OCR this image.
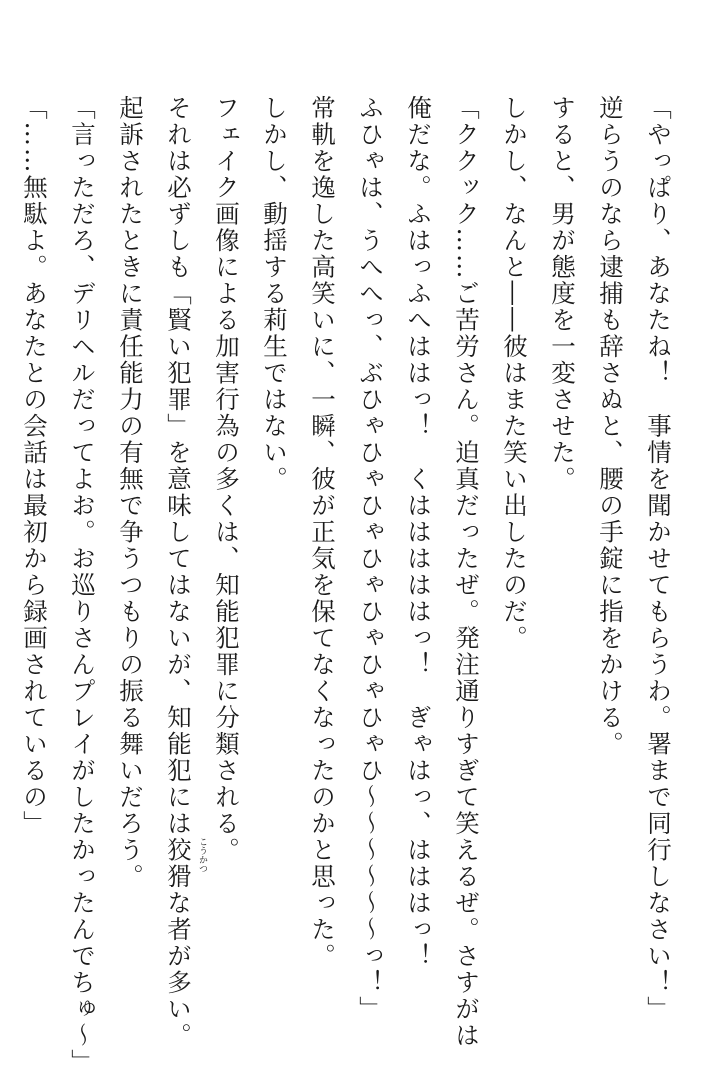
「やっぱり、あなたね！　事情を聞かせてもらうわ。署まで同行しなさい！」
逆らうのなら逮捕も辞さぬと、腰の手錠に指をかける。
すると、男が態度を一変させた。
しかし、なんと――彼はまた笑い出したのだ。
「ククック……ご苦労さん。迫真だったぜ。発注通りすぎて笑えるぜ。さすがは
俺だな。ふはっふへははっ！　くはははははっ！　ぎゃはっ、はははっ！
ふひゃは、うへへっ、ぶひゃひゃひゃひゃひゃひゃひゃひ〜〜〜〜〜〜っ！」
常軌を逸した高笑いに、一瞬、彼が正気を保てなくなったのかと思った。
しかし、動揺する莉生ではない。
フェイク画像による加害行為の多くは、知能犯罪に分類される。
それは必ずしも「賢い犯罪」を意味してはないが、知能犯には狡猾 こうかつ
な者が多い。
起訴されたときに責任能力の有無で争うつもりの振る舞いだろう。
「言っただろ、デリヘルだってよお。お巡りさんプレイがしたかったんでちゅ〜」
「……無駄よ。あなたとの会話は最初から録画されているの」
